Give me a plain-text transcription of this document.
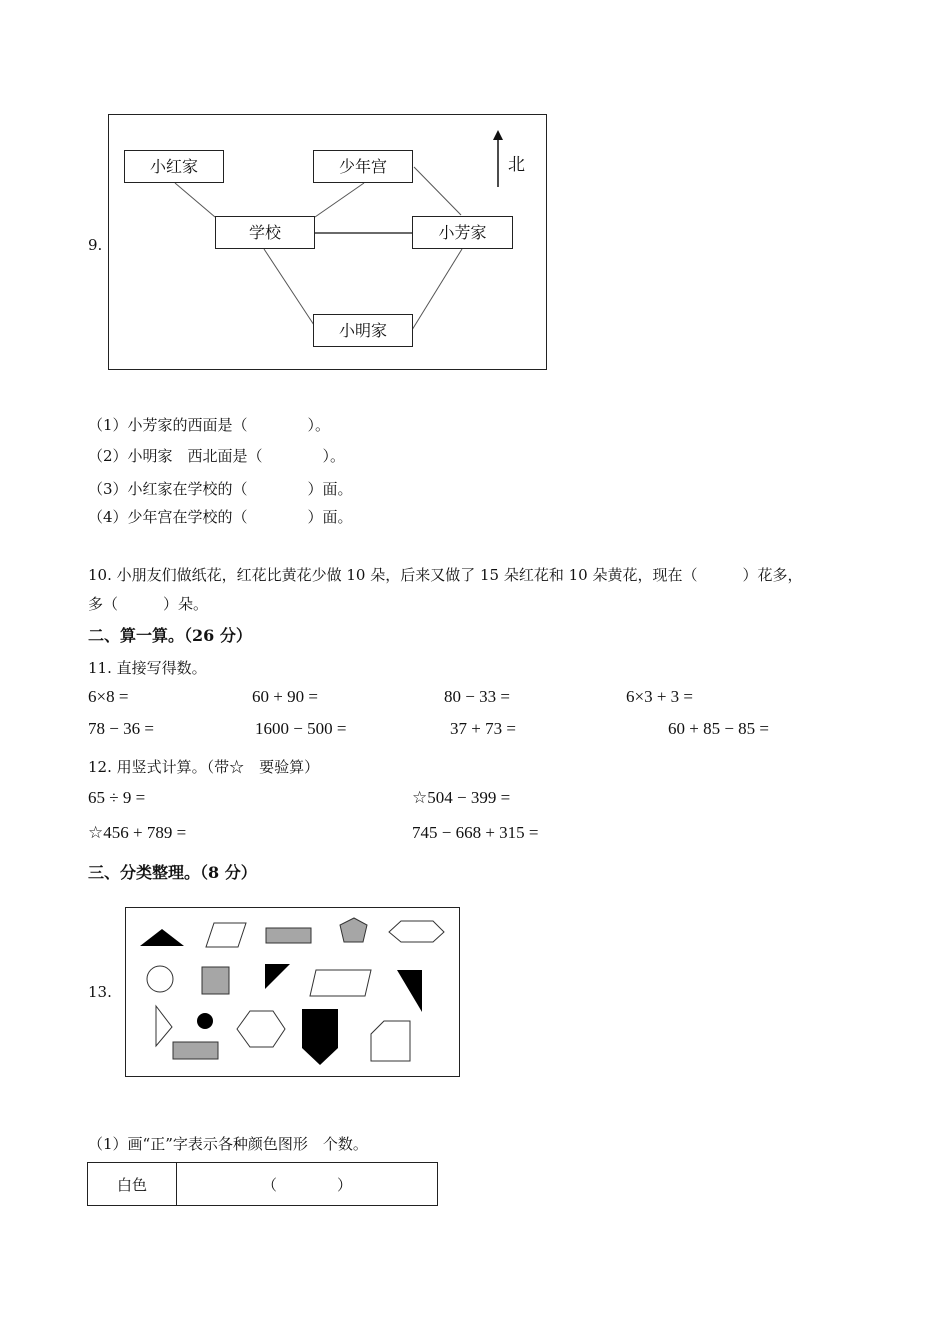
9.
小红家	少年宫
学校	小芳家
小明家
北
（1）小芳家的西面是（　　　　）。
（2）小明家　西北面是（　　　　）。
（3）小红家在学校的（　　　　）面。
（4）少年宫在学校的（　　　　）面。
10. 小朋友们做纸花，红花比黄花少做 10 朵，后来又做了 15 朵红花和 10 朵黄花，现在（　　　）花多，
多（　　　）朵。
二、算一算。（26 分）
11. 直接写得数。
6×8 =	60 + 90 =	80 − 33 =	6×3 + 3 =
78 − 36 =	1600 − 500 =	37 + 73 =	60 + 85 − 85 =
12. 用竖式计算。（带☆　要验算）
65 ÷ 9 =	☆504 − 399 =
☆456 + 789 =	745 − 668 + 315 =
三、分类整理。（8 分）
13.
（1）画“正”字表示各种颜色图形　个数。
白色	（　　　　）
